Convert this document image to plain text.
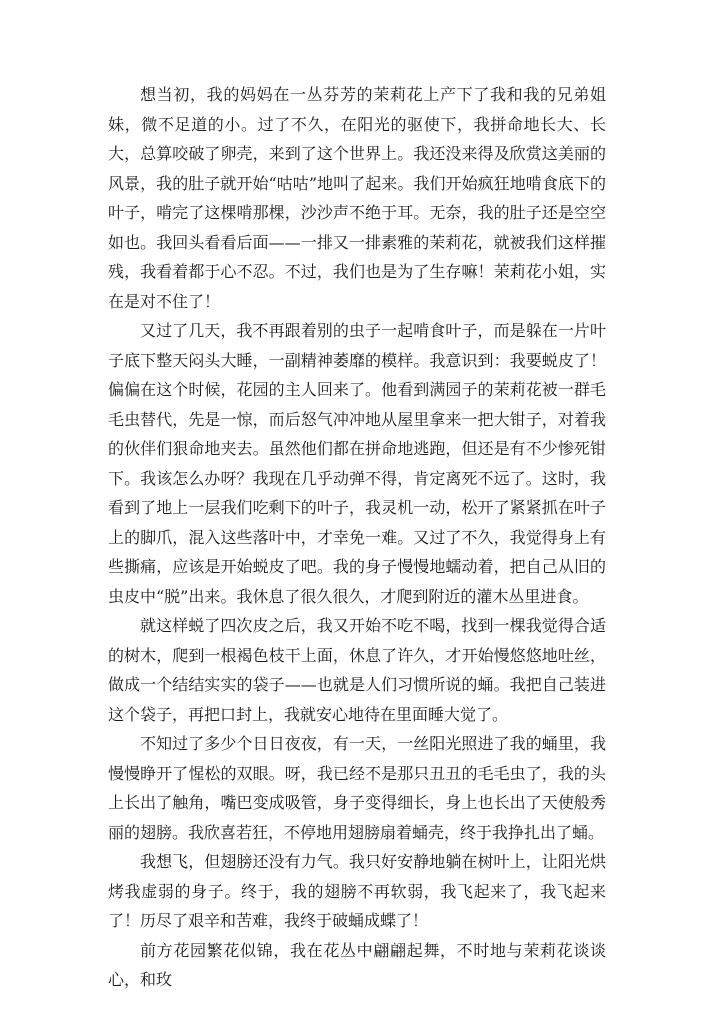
想当初，我的妈妈在一丛芬芳的茉莉花上产下了我和我的兄弟姐妹，微不足道的小。过了不久，在阳光的驱使下，我拼命地长大、长大，总算咬破了卵壳，来到了这个世界上。我还没来得及欣赏这美丽的风景，我的肚子就开始“咕咕”地叫了起来。我们开始疯狂地啃食底下的叶子，啃完了这棵啃那棵，沙沙声不绝于耳。无奈，我的肚子还是空空如也。我回头看看后面——一排又一排素雅的茉莉花，就被我们这样摧残，我看着都于心不忍。不过，我们也是为了生存嘛！茉莉花小姐，实在是对不住了！

又过了几天，我不再跟着别的虫子一起啃食叶子，而是躲在一片叶子底下整天闷头大睡，一副精神萎靡的模样。我意识到：我要蜕皮了！偏偏在这个时候，花园的主人回来了。他看到满园子的茉莉花被一群毛毛虫替代，先是一惊，而后怒气冲冲地从屋里拿来一把大钳子，对着我的伙伴们狠命地夹去。虽然他们都在拼命地逃跑，但还是有不少惨死钳下。我该怎么办呀？我现在几乎动弹不得，肯定离死不远了。这时，我看到了地上一层我们吃剩下的叶子，我灵机一动，松开了紧紧抓在叶子上的脚爪，混入这些落叶中，才幸免一难。又过了不久，我觉得身上有些撕痛，应该是开始蜕皮了吧。我的身子慢慢地蠕动着，把自己从旧的虫皮中“脱”出来。我休息了很久很久，才爬到附近的灌木丛里进食。

就这样蜕了四次皮之后，我又开始不吃不喝，找到一棵我觉得合适的树木，爬到一根褐色枝干上面，休息了许久，才开始慢悠悠地吐丝，做成一个结结实实的袋子——也就是人们习惯所说的蛹。我把自己装进这个袋子，再把口封上，我就安心地待在里面睡大觉了。

不知过了多少个日日夜夜，有一天，一丝阳光照进了我的蛹里，我慢慢睁开了惺松的双眼。呀，我已经不是那只丑丑的毛毛虫了，我的头上长出了触角，嘴巴变成吸管，身子变得细长，身上也长出了天使般秀丽的翅膀。我欣喜若狂，不停地用翅膀扇着蛹壳，终于我挣扎出了蛹。

我想飞，但翅膀还没有力气。我只好安静地躺在树叶上，让阳光烘烤我虚弱的身子。终于，我的翅膀不再软弱，我飞起来了，我飞起来了！历尽了艰辛和苦难，我终于破蛹成蝶了！

前方花园繁花似锦，我在花丛中翩翩起舞，不时地与茉莉花谈谈心，和玫
